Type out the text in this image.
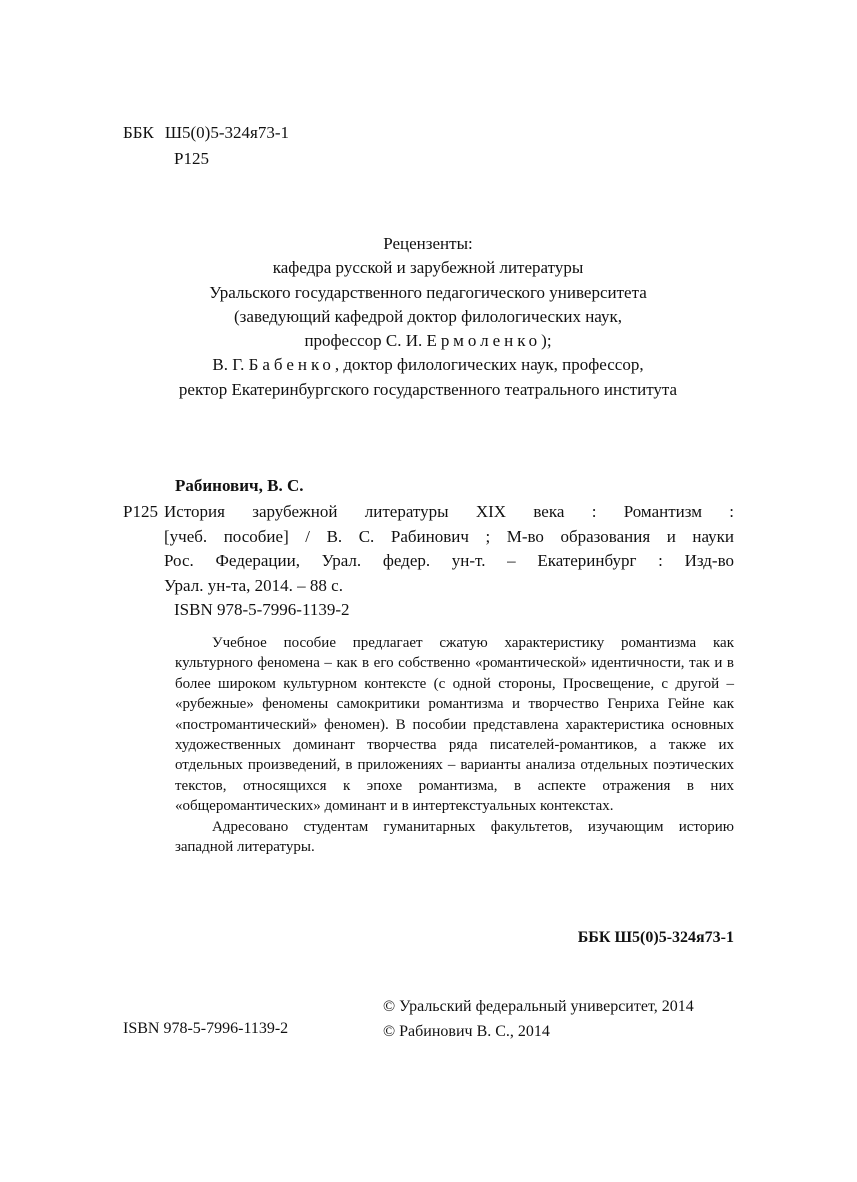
ББК Ш5(0)5-324я73-1
Р125
Рецензенты:
кафедра русской и зарубежной литературы
Уральского государственного педагогического университета
(заведующий кафедрой доктор филологических наук,
профессор С. И. Ермоленко);
В. Г. Бабенко, доктор филологических наук, профессор,
ректор Екатеринбургского государственного театрального института
Рабинович, В. С.
Р125 История зарубежной литературы XIX века : Романтизм :
[учеб. пособие] / В. С. Рабинович ; М-во образования и науки
Рос. Федерации, Урал. федер. ун-т. – Екатеринбург : Изд-во
Урал. ун-та, 2014. – 88 с.
ISBN 978-5-7996-1139-2

Учебное пособие предлагает сжатую характеристику романтизма как культурного феномена – как в его собственно «романтической» идентичности, так и в более широком культурном контексте (с одной стороны, Просвещение, с другой – «рубежные» феномены самокритики романтизма и творчество Генриха Гейне как «постромантический» феномен). В пособии представлена характеристика основных художественных доминант творчества ряда писателей-романтиков, а также их отдельных произведений, в приложениях – варианты анализа отдельных поэтических текстов, относящихся к эпохе романтизма, в аспекте отражения в них «общеромантических» доминант и в интертекстуальных контекстах.

Адресовано студентам гуманитарных факультетов, изучающим историю западной литературы.

ББК Ш5(0)5-324я73-1
ISBN 978-5-7996-1139-2
© Уральский федеральный университет, 2014
© Рабинович В. С., 2014
